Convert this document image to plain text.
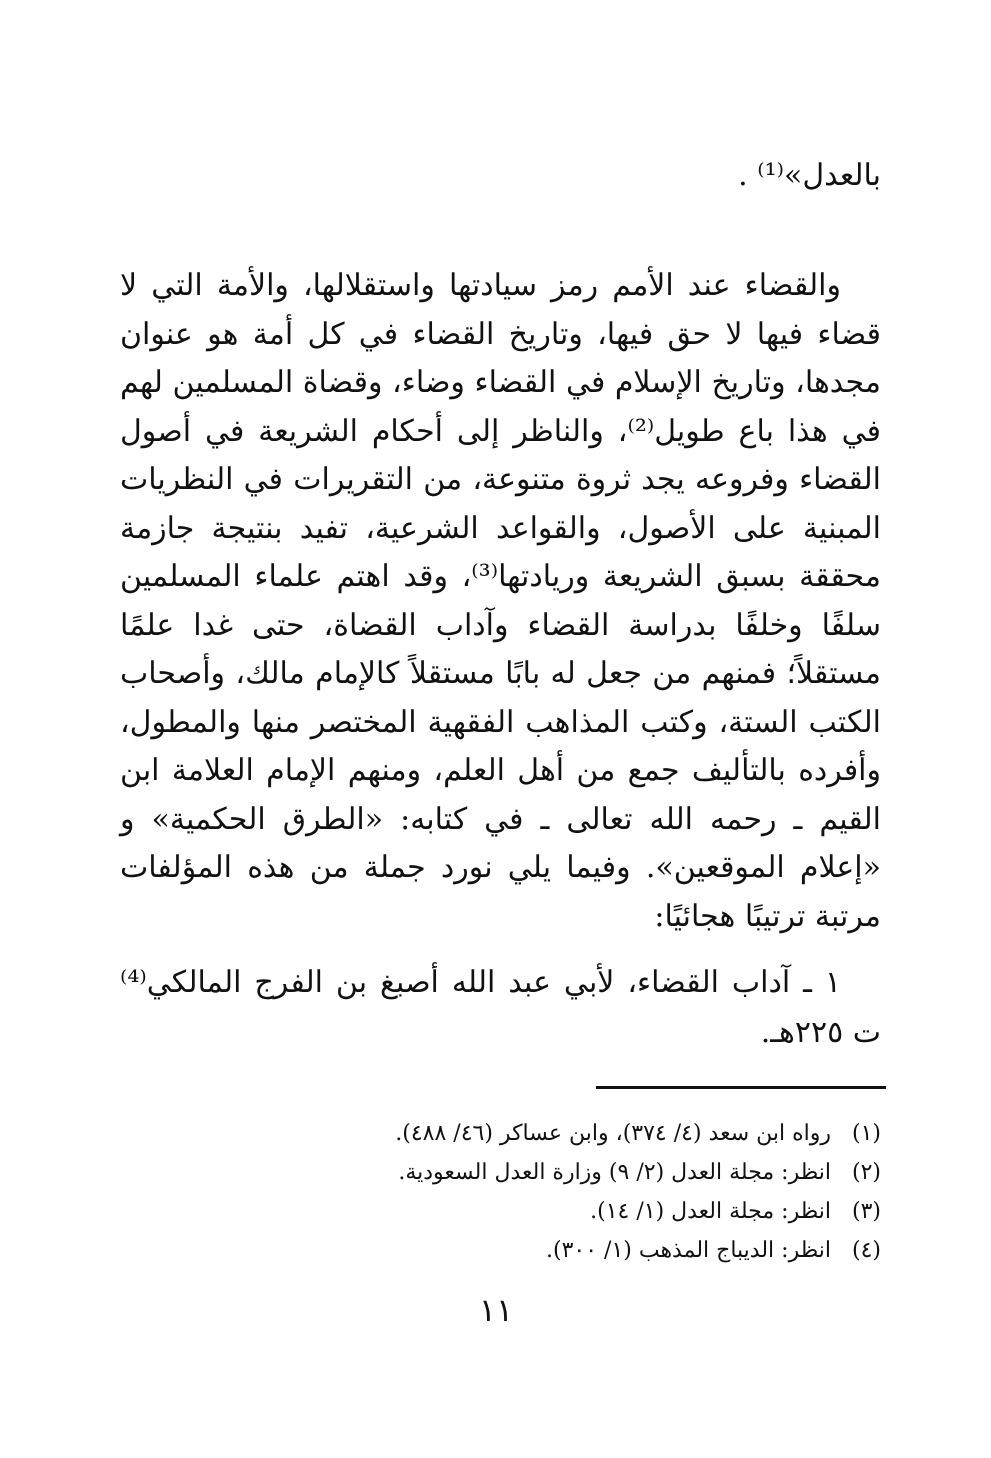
بالعدل»⁽¹⁾ .
والقضاء عند الأمم رمز سيادتها واستقلالها، والأمة التي لا قضاء فيها لا حق فيها، وتاريخ القضاء في كل أمة هو عنوان مجدها، وتاريخ الإسلام في القضاء وضاء، وقضاة المسلمين لهم في هذا باع طويل⁽²⁾، والناظر إلى أحكام الشريعة في أصول القضاء وفروعه يجد ثروة متنوعة، من التقريرات في النظريات المبنية على الأصول، والقواعد الشرعية، تفيد بنتيجة جازمة محققة بسبق الشريعة وريادتها⁽³⁾، وقد اهتم علماء المسلمين سلفًا وخلفًا بدراسة القضاء وآداب القضاة، حتى غدا علمًا مستقلاً؛ فمنهم من جعل له بابًا مستقلاً كالإمام مالك، وأصحاب الكتب الستة، وكتب المذاهب الفقهية المختصر منها والمطول، وأفرده بالتأليف جمع من أهل العلم، ومنهم الإمام العلامة ابن القيم ـ رحمه الله تعالى ـ في كتابه: «الطرق الحكمية» و «إعلام الموقعين». وفيما يلي نورد جملة من هذه المؤلفات مرتبة ترتيبًا هجائيًا:
١ ـ آداب القضاء، لأبي عبد الله أصبغ بن الفرج المالكي⁽⁴⁾ ت ٢٢٥هـ.
(١)
رواه ابن سعد (٤/ ٣٧٤)، وابن عساكر (٤٦/ ٤٨٨).
(٢)
انظر: مجلة العدل (٢/ ٩) وزارة العدل السعودية.
(٣)
انظر: مجلة العدل (١/ ١٤).
(٤)
انظر: الديباج المذهب (١/ ٣٠٠).
١١
